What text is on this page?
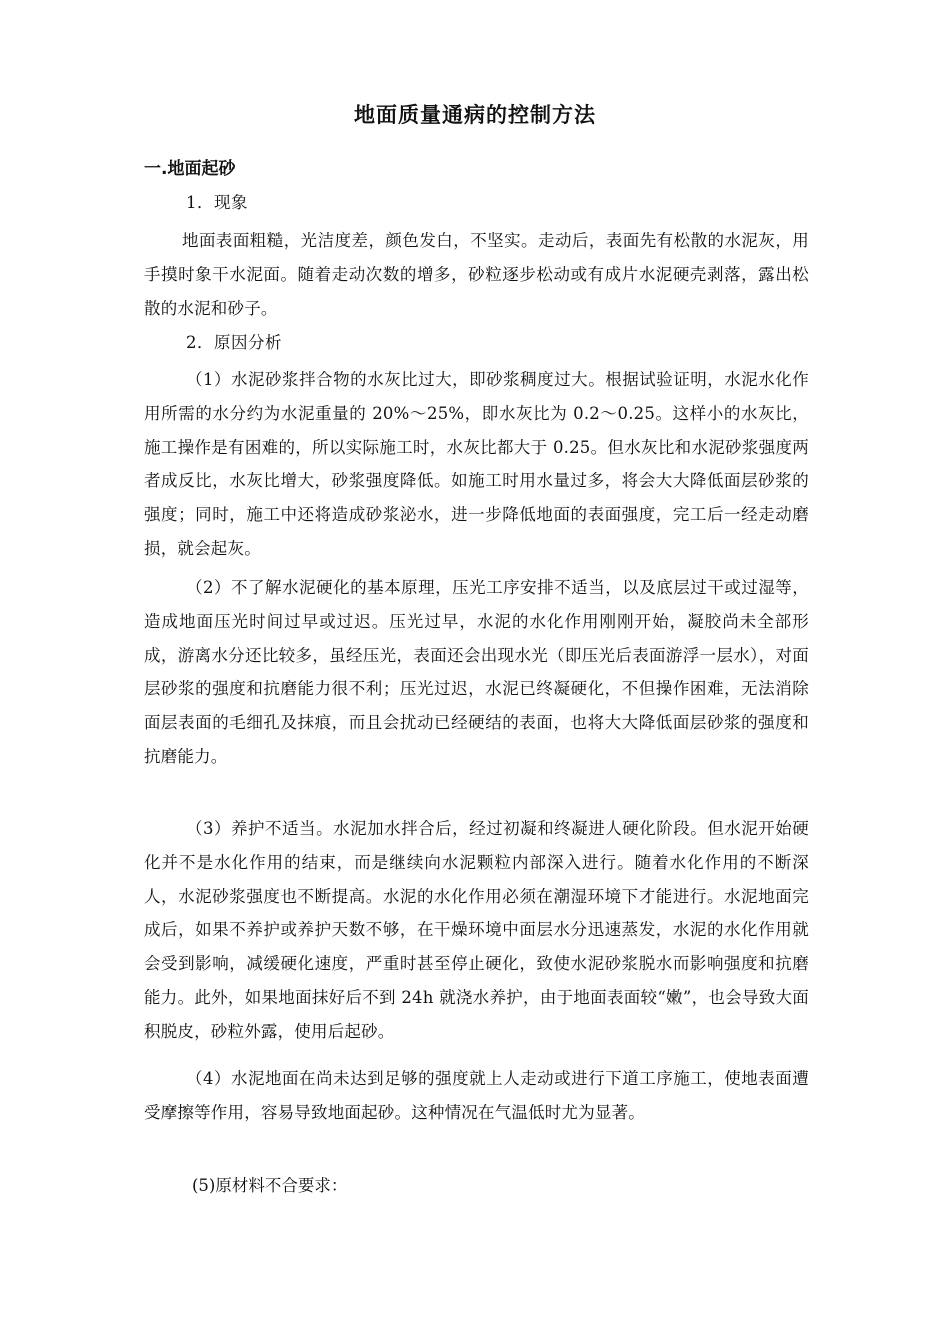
地面质量通病的控制方法
一.地面起砂
1．现象
地面表面粗糙，光洁度差，颜色发白，不坚实。走动后，表面先有松散的水泥灰，用手摸时象干水泥面。随着走动次数的增多，砂粒逐步松动或有成片水泥硬壳剥落，露出松散的水泥和砂子。
2．原因分析
（1）水泥砂浆拌合物的水灰比过大，即砂浆稠度过大。根据试验证明，水泥水化作用所需的水分约为水泥重量的 20%～25%，即水灰比为 0.2～0.25。这样小的水灰比，施工操作是有困难的，所以实际施工时，水灰比都大于 0.25。但水灰比和水泥砂浆强度两者成反比，水灰比增大，砂浆强度降低。如施工时用水量过多，将会大大降低面层砂浆的强度；同时，施工中还将造成砂浆泌水，进一步降低地面的表面强度，完工后一经走动磨损，就会起灰。
（2）不了解水泥硬化的基本原理，压光工序安排不适当，以及底层过干或过湿等，造成地面压光时间过早或过迟。压光过早，水泥的水化作用刚刚开始，凝胶尚未全部形成，游离水分还比较多，虽经压光，表面还会出现水光（即压光后表面游浮一层水），对面层砂浆的强度和抗磨能力很不利；压光过迟，水泥已终凝硬化，不但操作困难，无法消除面层表面的毛细孔及抹痕，而且会扰动已经硬结的表面，也将大大降低面层砂浆的强度和抗磨能力。
（3）养护不适当。水泥加水拌合后，经过初凝和终凝进人硬化阶段。但水泥开始硬化并不是水化作用的结束，而是继续向水泥颗粒内部深入进行。随着水化作用的不断深人，水泥砂浆强度也不断提高。水泥的水化作用必须在潮湿环境下才能进行。水泥地面完成后，如果不养护或养护天数不够，在干燥环境中面层水分迅速蒸发，水泥的水化作用就会受到影响，减缓硬化速度，严重时甚至停止硬化，致使水泥砂浆脱水而影响强度和抗磨能力。此外，如果地面抹好后不到 24h 就浇水养护，由于地面表面较“嫩”，也会导致大面积脱皮，砂粒外露，使用后起砂。
（4）水泥地面在尚未达到足够的强度就上人走动或进行下道工序施工，使地表面遭受摩擦等作用，容易导致地面起砂。这种情况在气温低时尤为显著。
(5)原材料不合要求：
